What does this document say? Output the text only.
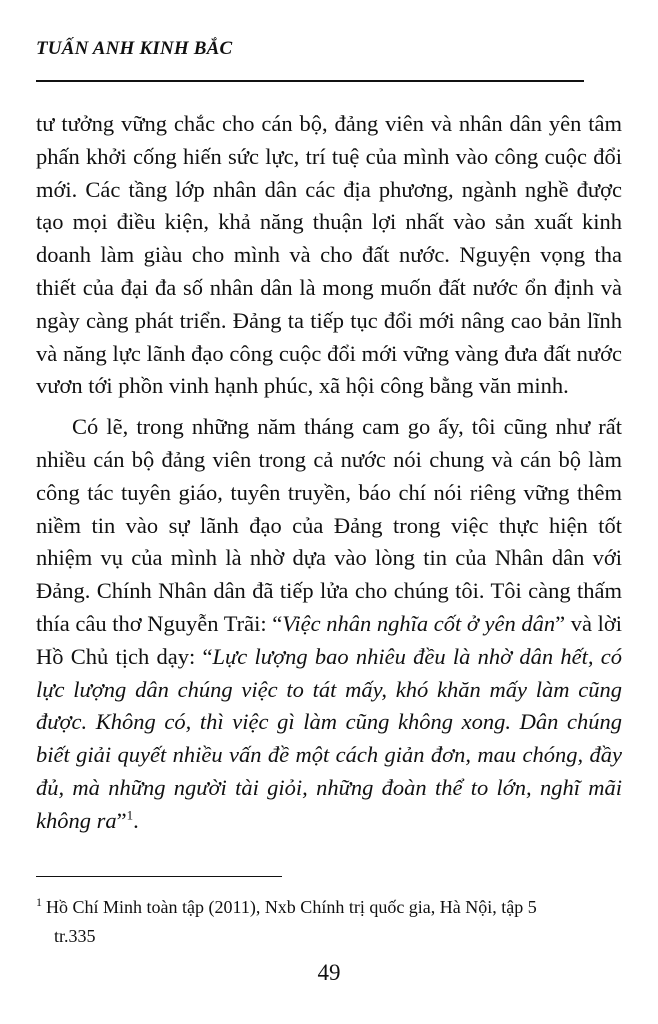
TUẤN ANH KINH BẮC

tư tưởng vững chắc cho cán bộ, đảng viên và nhân dân yên tâm phấn khởi cống hiến sức lực, trí tuệ của mình vào công cuộc đổi mới. Các tầng lớp nhân dân các địa phương, ngành nghề được tạo mọi điều kiện, khả năng thuận lợi nhất vào sản xuất kinh doanh làm giàu cho mình và cho đất nước. Nguyện vọng tha thiết của đại đa số nhân dân là mong muốn đất nước ổn định và ngày càng phát triển. Đảng ta tiếp tục đổi mới nâng cao bản lĩnh và năng lực lãnh đạo công cuộc đổi mới vững vàng đưa đất nước vươn tới phồn vinh hạnh phúc, xã hội công bằng văn minh.

Có lẽ, trong những năm tháng cam go ấy, tôi cũng như rất nhiều cán bộ đảng viên trong cả nước nói chung và cán bộ làm công tác tuyên giáo, tuyên truyền, báo chí nói riêng vững thêm niềm tin vào sự lãnh đạo của Đảng trong việc thực hiện tốt nhiệm vụ của mình là nhờ dựa vào lòng tin của Nhân dân với Đảng. Chính Nhân dân đã tiếp lửa cho chúng tôi. Tôi càng thấm thía câu thơ Nguyễn Trãi: “Việc nhân nghĩa cốt ở yên dân” và lời Hồ Chủ tịch dạy: “Lực lượng bao nhiêu đều là nhờ dân hết, có lực lượng dân chúng việc to tát mấy, khó khăn mấy làm cũng được. Không có, thì việc gì làm cũng không xong. Dân chúng biết giải quyết nhiều vấn đề một cách giản đơn, mau chóng, đầy đủ, mà những người tài giỏi, những đoàn thể to lớn, nghĩ mãi không ra”$^1$.

$^1$ Hồ Chí Minh toàn tập (2011), Nxb Chính trị quốc gia, Hà Nội, tập 5
tr.335
49
